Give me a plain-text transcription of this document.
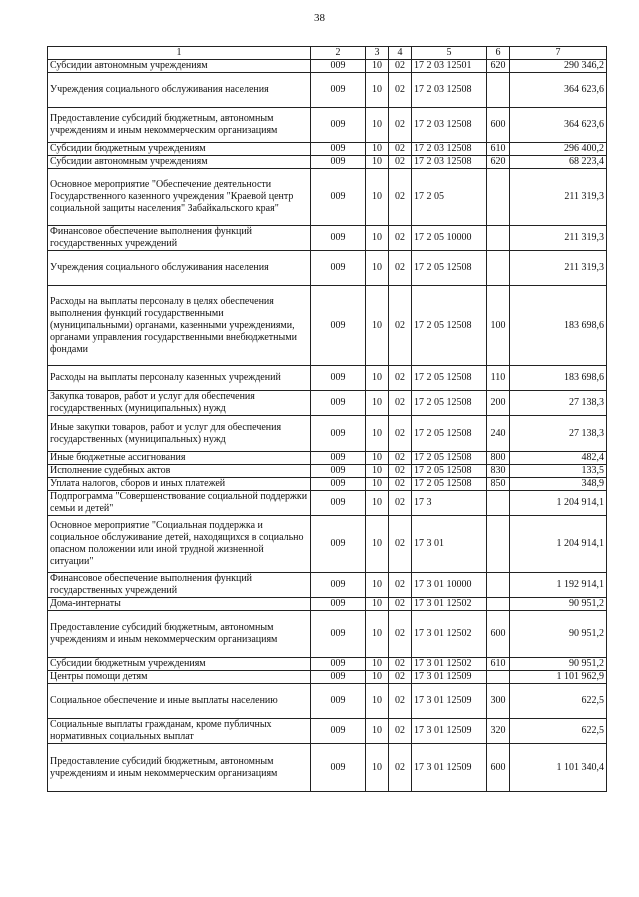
38
1	2	3	4	5	6	7
Субсидии автономным учреждениям	009	10	02	17 2 03 12501	620	290 346,2
Учреждения социального обслуживания населения	009	10	02	17 2 03 12508		364 623,6
Предоставление субсидий бюджетным, автономным учреждениям и иным некоммерческим организациям	009	10	02	17 2 03 12508	600	364 623,6
Субсидии бюджетным учреждениям	009	10	02	17 2 03 12508	610	296 400,2
Субсидии автономным учреждениям	009	10	02	17 2 03 12508	620	68 223,4
Основное мероприятие "Обеспечение деятельности Государственного казенного учреждения "Краевой центр социальной защиты населения" Забайкальского края"	009	10	02	17 2 05		211 319,3
Финансовое обеспечение выполнения функций государственных учреждений	009	10	02	17 2 05 10000		211 319,3
Учреждения социального обслуживания населения	009	10	02	17 2 05 12508		211 319,3
Расходы на выплаты персоналу в целях обеспечения выполнения функций государственными (муниципальными) органами, казенными учреждениями, органами управления государственными внебюджетными фондами	009	10	02	17 2 05 12508	100	183 698,6
Расходы на выплаты персоналу казенных учреждений	009	10	02	17 2 05 12508	110	183 698,6
Закупка товаров, работ и услуг для обеспечения государственных (муниципальных) нужд	009	10	02	17 2 05 12508	200	27 138,3
Иные закупки товаров, работ и услуг для обеспечения государственных (муниципальных) нужд	009	10	02	17 2 05 12508	240	27 138,3
Иные бюджетные ассигнования	009	10	02	17 2 05 12508	800	482,4
Исполнение судебных актов	009	10	02	17 2 05 12508	830	133,5
Уплата налогов, сборов и иных платежей	009	10	02	17 2 05 12508	850	348,9
Подпрограмма "Совершенствование социальной поддержки семьи и детей"	009	10	02	17 3		1 204 914,1
Основное мероприятие "Социальная поддержка и социальное обслуживание детей, находящихся в социально опасном положении или иной трудной жизненной ситуации"	009	10	02	17 3 01		1 204 914,1
Финансовое обеспечение выполнения функций государственных учреждений	009	10	02	17 3 01 10000		1 192 914,1
Дома-интернаты	009	10	02	17 3 01 12502		90 951,2
Предоставление субсидий бюджетным, автономным учреждениям и иным некоммерческим организациям	009	10	02	17 3 01 12502	600	90 951,2
Субсидии бюджетным учреждениям	009	10	02	17 3 01 12502	610	90 951,2
Центры помощи детям	009	10	02	17 3 01 12509		1 101 962,9
Социальное обеспечение и иные выплаты населению	009	10	02	17 3 01 12509	300	622,5
Социальные выплаты гражданам, кроме публичных нормативных социальных выплат	009	10	02	17 3 01 12509	320	622,5
Предоставление субсидий бюджетным, автономным учреждениям и иным некоммерческим организациям	009	10	02	17 3 01 12509	600	1 101 340,4
